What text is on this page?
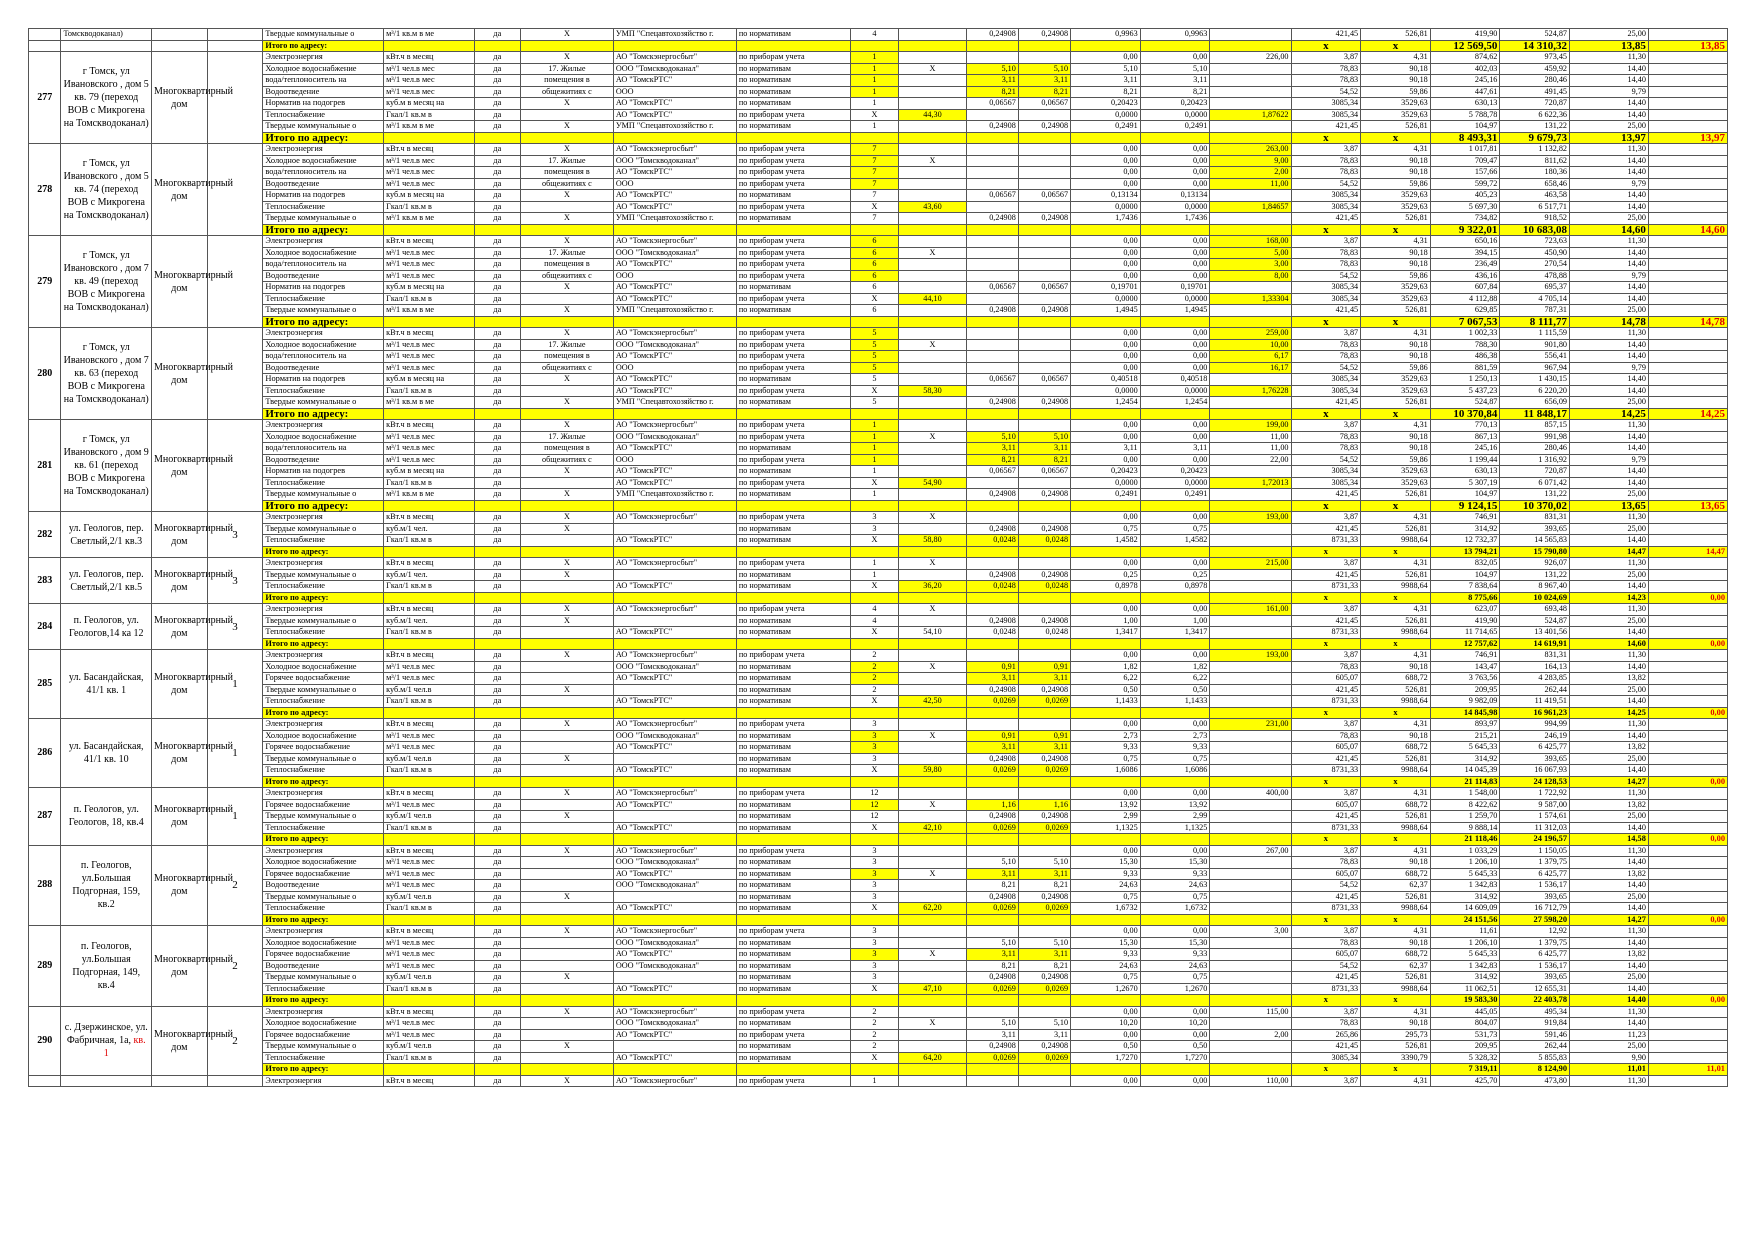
	Томскводоканал)			Твердые коммунальные о	м³/1 кв.м в ме	да	Х	УМП "Спецавтохозяйство г.	по нормативам	4		0,24908	0,24908	0,9963	0,9963		421,45	526,81	419,90	524,87	25,00	
				Итого по адресу:													х	х	12 569,50	14 310,32	13,85	13,85
277	г Томск, ул Ивановского , дом 5 кв. 79 (переход ВОВ с Микрогена на Томскводоканал)	Многоквартирный дом		Электроэнергия	кВт.ч в месяц	да	Х	АО "Томскэнергосбыт"	по приборам учета	1				0,00	0,00	226,00	3,87	4,31	874,62	973,45	11,30	
				Холодное водоснабжение	м³/1 чел.в мес	да	17. Жилые	ООО "Томскводоканал"	по нормативам	1	Х	5,10	5,10	5,10	5,10		78,83	90,18	402,03	459,92	14,40	
				вода/теплоноситель на	м³/1 чел.в мес	да	помещения в	АО "ТомскРТС"	по нормативам	1		3,11	3,11	3,11	3,11		78,83	90,18	245,16	280,46	14,40	
				Водоотведение	м³/1 чел.в мес	да	общежитиях с	ООО	по нормативам	1		8,21	8,21	8,21	8,21		54,52	59,86	447,61	491,45	9,79	
				Норматив на подогрев	куб.м в месяц на	да	Х	АО "ТомскРТС"	по нормативам	1		0,06567	0,06567	0,20423	0,20423		3085,34	3529,63	630,13	720,87	14,40	
				Теплоснабжение	Гкал/1 кв.м в	да		АО "ТомскРТС"	по приборам учета	Х	44,30			0,0000	0,0000	1,87622	3085,34	3529,63	5 788,78	6 622,36	14,40	
				Твердые коммунальные о	м³/1 кв.м в ме	да	Х	УМП "Спецавтохозяйство г.	по нормативам	1		0,24908	0,24908	0,2491	0,2491		421,45	526,81	104,97	131,22	25,00	
				Итого по адресу:													х	х	8 493,31	9 679,73	13,97	13,97
278	г Томск, ул Ивановского , дом 5 кв. 74 (переход ВОВ с Микрогена на Томскводоканал)	Многоквартирный дом		Электроэнергия	кВт.ч в месяц	да	Х	АО "Томскэнергосбыт"	по приборам учета	7				0,00	0,00	263,00	3,87	4,31	1 017,81	1 132,82	11,30	
				Холодное водоснабжение	м³/1 чел.в мес	да	17. Жилые	ООО "Томскводоканал"	по приборам учета	7	Х			0,00	0,00	9,00	78,83	90,18	709,47	811,62	14,40	
				вода/теплоноситель на	м³/1 чел.в мес	да	помещения в	АО "ТомскРТС"	по приборам учета	7				0,00	0,00	2,00	78,83	90,18	157,66	180,36	14,40	
				Водоотведение	м³/1 чел.в мес	да	общежитиях с	ООО	по приборам учета	7				0,00	0,00	11,00	54,52	59,86	599,72	658,46	9,79	
				Норматив на подогрев	куб.м в месяц на	да	Х	АО "ТомскРТС"	по нормативам	7		0,06567	0,06567	0,13134	0,13134		3085,34	3529,63	405,23	463,58	14,40	
				Теплоснабжение	Гкал/1 кв.м в	да		АО "ТомскРТС"	по приборам учета	Х	43,60			0,0000	0,0000	1,84657	3085,34	3529,63	5 697,30	6 517,71	14,40	
				Твердые коммунальные о	м³/1 кв.м в ме	да	Х	УМП "Спецавтохозяйство г.	по нормативам	7		0,24908	0,24908	1,7436	1,7436		421,45	526,81	734,82	918,52	25,00	
				Итого по адресу:													х	х	9 322,01	10 683,08	14,60	14,60
279	г Томск, ул Ивановского , дом 7 кв. 49 (переход ВОВ с Микрогена на Томскводоканал)	Многоквартирный дом		Электроэнергия	кВт.ч в месяц	да	Х	АО "Томскэнергосбыт"	по приборам учета	6				0,00	0,00	168,00	3,87	4,31	650,16	723,63	11,30	
				Холодное водоснабжение	м³/1 чел.в мес	да	17. Жилые	ООО "Томскводоканал"	по приборам учета	6	Х			0,00	0,00	5,00	78,83	90,18	394,15	450,90	14,40	
				вода/теплоноситель на	м³/1 чел.в мес	да	помещения в	АО "ТомскРТС"	по приборам учета	6				0,00	0,00	3,00	78,83	90,18	236,49	270,54	14,40	
				Водоотведение	м³/1 чел.в мес	да	общежитиях с	ООО	по приборам учета	6				0,00	0,00	8,00	54,52	59,86	436,16	478,88	9,79	
				Норматив на подогрев	куб.м в месяц на	да	Х	АО "ТомскРТС"	по нормативам	6		0,06567	0,06567	0,19701	0,19701		3085,34	3529,63	607,84	695,37	14,40	
				Теплоснабжение	Гкал/1 кв.м в	да		АО "ТомскРТС"	по приборам учета	Х	44,10			0,0000	0,0000	1,33304	3085,34	3529,63	4 112,88	4 705,14	14,40	
				Твердые коммунальные о	м³/1 кв.м в ме	да	Х	УМП "Спецавтохозяйство г.	по нормативам	6		0,24908	0,24908	1,4945	1,4945		421,45	526,81	629,85	787,31	25,00	
				Итого по адресу:													х	х	7 067,53	8 111,77	14,78	14,78
280	г Томск, ул Ивановского , дом 7 кв. 63 (переход ВОВ с Микрогена на Томскводоканал)	Многоквартирный дом		Электроэнергия	кВт.ч в месяц	да	Х	АО "Томскэнергосбыт"	по приборам учета	5				0,00	0,00	259,00	3,87	4,31	1 002,33	1 115,59	11,30	
				Холодное водоснабжение	м³/1 чел.в мес	да	17. Жилые	ООО "Томскводоканал"	по приборам учета	5	Х			0,00	0,00	10,00	78,83	90,18	788,30	901,80	14,40	
				вода/теплоноситель на	м³/1 чел.в мес	да	помещения в	АО "ТомскРТС"	по приборам учета	5				0,00	0,00	6,17	78,83	90,18	486,38	556,41	14,40	
				Водоотведение	м³/1 чел.в мес	да	общежитиях с	ООО	по приборам учета	5				0,00	0,00	16,17	54,52	59,86	881,59	967,94	9,79	
				Норматив на подогрев	куб.м в месяц на	да	Х	АО "ТомскРТС"	по нормативам	5		0,06567	0,06567	0,40518	0,40518		3085,34	3529,63	1 250,13	1 430,15	14,40	
				Теплоснабжение	Гкал/1 кв.м в	да		АО "ТомскРТС"	по приборам учета	Х	58,30			0,0000	0,0000	1,76228	3085,34	3529,63	5 437,23	6 220,20	14,40	
				Твердые коммунальные о	м³/1 кв.м в ме	да	Х	УМП "Спецавтохозяйство г.	по нормативам	5		0,24908	0,24908	1,2454	1,2454		421,45	526,81	524,87	656,09	25,00	
				Итого по адресу:													х	х	10 370,84	11 848,17	14,25	14,25
281	г Томск, ул Ивановского , дом 9 кв. 61 (переход ВОВ с Микрогена на Томскводоканал)	Многоквартирный дом		Электроэнергия	кВт.ч в месяц	да	Х	АО "Томскэнергосбыт"	по приборам учета	1				0,00	0,00	199,00	3,87	4,31	770,13	857,15	11,30	
				Холодное водоснабжение	м³/1 чел.в мес	да	17. Жилые	ООО "Томскводоканал"	по приборам учета	1	Х	5,10	5,10	0,00	0,00	11,00	78,83	90,18	867,13	991,98	14,40	
				вода/теплоноситель на	м³/1 чел.в мес	да	помещения в	АО "ТомскРТС"	по нормативам	1		3,11	3,11	3,11	3,11	11,00	78,83	90,18	245,16	280,46	14,40	
				Водоотведение	м³/1 чел.в мес	да	общежитиях с	ООО	по приборам учета	1		8,21	8,21	0,00	0,00	22,00	54,52	59,86	1 199,44	1 316,92	9,79	
				Норматив на подогрев	куб.м в месяц на	да	Х	АО "ТомскРТС"	по нормативам	1		0,06567	0,06567	0,20423	0,20423		3085,34	3529,63	630,13	720,87	14,40	
				Теплоснабжение	Гкал/1 кв.м в	да		АО "ТомскРТС"	по приборам учета	Х	54,90			0,0000	0,0000	1,72013	3085,34	3529,63	5 307,19	6 071,42	14,40	
				Твердые коммунальные о	м³/1 кв.м в ме	да	Х	УМП "Спецавтохозяйство г.	по нормативам	1		0,24908	0,24908	0,2491	0,2491		421,45	526,81	104,97	131,22	25,00	
				Итого по адресу:													х	х	9 124,15	10 370,02	13,65	13,65
282	ул. Геологов, пер. Светлый,2/1 кв.3	Многоквартирный дом	3	Электроэнергия	кВт.ч в месяц	да	Х	АО "Томскэнергосбыт"	по приборам учета	3	Х			0,00	0,00	193,00	3,87	4,31	746,91	831,31	11,30	
				Твердые коммунальные о	куб.м/1 чел.	да	Х		по нормативам	3		0,24908	0,24908	0,75	0,75		421,45	526,81	314,92	393,65	25,00	
				Теплоснабжение	Гкал/1 кв.м в	да		АО "ТомскРТС"	по нормативам	Х	58,80	0,0248	0,0248	1,4582	1,4582		8731,33	9988,64	12 732,37	14 565,83	14,40	
				Итого по адресу:													х	х	13 794,21	15 790,80	14,47	14,47
283	ул. Геологов, пер. Светлый,2/1 кв.5	Многоквартирный дом	3	Электроэнергия	кВт.ч в месяц	да	Х	АО "Томскэнергосбыт"	по приборам учета	1	Х			0,00	0,00	215,00	3,87	4,31	832,05	926,07	11,30	
				Твердые коммунальные о	куб.м/1 чел.	да	Х		по нормативам	1		0,24908	0,24908	0,25	0,25		421,45	526,81	104,97	131,22	25,00	
				Теплоснабжение	Гкал/1 кв.м в	да		АО "ТомскРТС"	по нормативам	Х	36,20	0,0248	0,0248	0,8978	0,8978		8731,33	9988,64	7 838,64	8 967,40	14,40	
				Итого по адресу:													х	х	8 775,66	10 024,69	14,23	0,00
284	п. Геологов, ул. Геологов,14 ка 12	Многоквартирный дом	3	Электроэнергия	кВт.ч в месяц	да	Х	АО "Томскэнергосбыт"	по приборам учета	4	Х			0,00	0,00	161,00	3,87	4,31	623,07	693,48	11,30	
				Твердые коммунальные о	куб.м/1 чел.	да	Х		по нормативам	4		0,24908	0,24908	1,00	1,00		421,45	526,81	419,90	524,87	25,00	
				Теплоснабжение	Гкал/1 кв.м в	да		АО "ТомскРТС"	по нормативам	Х	54,10	0,0248	0,0248	1,3417	1,3417		8731,33	9988,64	11 714,65	13 401,56	14,40	
				Итого по адресу:													х	х	12 757,62	14 619,91	14,60	0,00
285	ул. Басандайская, 41/1 кв. 1	Многоквартирный дом	1	Электроэнергия	кВт.ч в месяц	да	Х	АО "Томскэнергосбыт"	по приборам учета	2				0,00	0,00	193,00	3,87	4,31	746,91	831,31	11,30	
				Холодное водоснабжение	м³/1 чел.в мес	да		ООО "Томскводоканал"	по нормативам	2	Х	0,91	0,91	1,82	1,82		78,83	90,18	143,47	164,13	14,40	
				Горячее водоснабжение	м³/1 чел.в мес	да		АО "ТомскРТС"	по нормативам	2		3,11	3,11	6,22	6,22		605,07	688,72	3 763,56	4 283,85	13,82	
				Твердые коммунальные о	куб.м/1 чел.в	да	Х		по нормативам	2		0,24908	0,24908	0,50	0,50		421,45	526,81	209,95	262,44	25,00	
				Теплоснабжение	Гкал/1 кв.м в	да		АО "ТомскРТС"	по нормативам	Х	42,50	0,0269	0,0269	1,1433	1,1433		8731,33	9988,64	9 982,09	11 419,51	14,40	
				Итого по адресу:													х	х	14 845,98	16 961,23	14,25	0,00
286	ул. Басандайская, 41/1 кв. 10	Многоквартирный дом	1	Электроэнергия	кВт.ч в месяц	да	Х	АО "Томскэнергосбыт"	по приборам учета	3				0,00	0,00	231,00	3,87	4,31	893,97	994,99	11,30	
				Холодное водоснабжение	м³/1 чел.в мес	да		ООО "Томскводоканал"	по нормативам	3	Х	0,91	0,91	2,73	2,73		78,83	90,18	215,21	246,19	14,40	
				Горячее водоснабжение	м³/1 чел.в мес	да		АО "ТомскРТС"	по нормативам	3		3,11	3,11	9,33	9,33		605,07	688,72	5 645,33	6 425,77	13,82	
				Твердые коммунальные о	куб.м/1 чел.в	да	Х		по нормативам	3		0,24908	0,24908	0,75	0,75		421,45	526,81	314,92	393,65	25,00	
				Теплоснабжение	Гкал/1 кв.м в	да		АО "ТомскРТС"	по нормативам	Х	59,80	0,0269	0,0269	1,6086	1,6086		8731,33	9988,64	14 045,39	16 067,93	14,40	
				Итого по адресу:													х	х	21 114,83	24 128,53	14,27	0,00
287	п. Геологов, ул. Геологов, 18, кв.4	Многоквартирный дом	1	Электроэнергия	кВт.ч в месяц	да	Х	АО "Томскэнергосбыт"	по приборам учета	12				0,00	0,00	400,00	3,87	4,31	1 548,00	1 722,92	11,30	
				Горячее водоснабжение	м³/1 чел.в мес	да		АО "ТомскРТС"	по нормативам	12	Х	1,16	1,16	13,92	13,92		605,07	688,72	8 422,62	9 587,00	13,82	
				Твердые коммунальные о	куб.м/1 чел.в	да	Х		по нормативам	12		0,24908	0,24908	2,99	2,99		421,45	526,81	1 259,70	1 574,61	25,00	
				Теплоснабжение	Гкал/1 кв.м в	да		АО "ТомскРТС"	по нормативам	Х	42,10	0,0269	0,0269	1,1325	1,1325		8731,33	9988,64	9 888,14	11 312,03	14,40	
				Итого по адресу:													х	х	21 118,46	24 196,57	14,58	0,00
288	п. Геологов, ул.Большая Подгорная, 159, кв.2	Многоквартирный дом	2	Электроэнергия	кВт.ч в месяц	да	Х	АО "Томскэнергосбыт"	по приборам учета	3				0,00	0,00	267,00	3,87	4,31	1 033,29	1 150,05	11,30	
				Холодное водоснабжение	м³/1 чел.в мес	да		ООО "Томскводоканал"	по нормативам	3		5,10	5,10	15,30	15,30		78,83	90,18	1 206,10	1 379,75	14,40	
				Горячее водоснабжение	м³/1 чел.в мес	да		АО "ТомскРТС"	по нормативам	3	Х	3,11	3,11	9,33	9,33		605,07	688,72	5 645,33	6 425,77	13,82	
				Водоотведение	м³/1 чел.в мес	да		ООО "Томскводоканал"	по нормативам	3		8,21	8,21	24,63	24,63		54,52	62,37	1 342,83	1 536,17	14,40	
				Твердые коммунальные о	куб.м/1 чел.в	да	Х		по нормативам	3		0,24908	0,24908	0,75	0,75		421,45	526,81	314,92	393,65	25,00	
				Теплоснабжение	Гкал/1 кв.м в	да		АО "ТомскРТС"	по нормативам	Х	62,20	0,0269	0,0269	1,6732	1,6732		8731,33	9988,64	14 609,09	16 712,79	14,40	
				Итого по адресу:													х	х	24 151,56	27 598,20	14,27	0,00
289	п. Геологов, ул.Большая Подгорная, 149, кв.4	Многоквартирный дом	2	Электроэнергия	кВт.ч в месяц	да	Х	АО "Томскэнергосбыт"	по приборам учета	3				0,00	0,00	3,00	3,87	4,31	11,61	12,92	11,30	
				Холодное водоснабжение	м³/1 чел.в мес	да		ООО "Томскводоканал"	по нормативам	3		5,10	5,10	15,30	15,30		78,83	90,18	1 206,10	1 379,75	14,40	
				Горячее водоснабжение	м³/1 чел.в мес	да		АО "ТомскРТС"	по нормативам	3	Х	3,11	3,11	9,33	9,33		605,07	688,72	5 645,33	6 425,77	13,82	
				Водоотведение	м³/1 чел.в мес	да		ООО "Томскводоканал"	по нормативам	3		8,21	8,21	24,63	24,63		54,52	62,37	1 342,83	1 536,17	14,40	
				Твердые коммунальные о	куб.м/1 чел.в	да	Х		по нормативам	3		0,24908	0,24908	0,75	0,75		421,45	526,81	314,92	393,65	25,00	
				Теплоснабжение	Гкал/1 кв.м в	да		АО "ТомскРТС"	по нормативам	Х	47,10	0,0269	0,0269	1,2670	1,2670		8731,33	9988,64	11 062,51	12 655,31	14,40	
				Итого по адресу:													х	х	19 583,30	22 403,78	14,40	0,00
290	с. Дзержинское, ул. Фабричная, 1а, кв. 1	Многоквартирный дом	2	Электроэнергия	кВт.ч в месяц	да	Х	АО "Томскэнергосбыт"	по приборам учета	2				0,00	0,00	115,00	3,87	4,31	445,05	495,34	11,30	
				Холодное водоснабжение	м³/1 чел.в мес	да		ООО "Томскводоканал"	по нормативам	2	Х	5,10	5,10	10,20	10,20		78,83	90,18	804,07	919,84	14,40	
				Горячее водоснабжение	м³/1 чел.в мес	да		АО "ТомскРТС"	по приборам учета	2		3,11	3,11	0,00	0,00	2,00	265,86	295,73	531,73	591,46	11,23	
				Твердые коммунальные о	куб.м/1 чел.в	да	Х		по нормативам	2		0,24908	0,24908	0,50	0,50		421,45	526,81	209,95	262,44	25,00	
				Теплоснабжение	Гкал/1 кв.м в	да		АО "ТомскРТС"	по нормативам	Х	64,20	0,0269	0,0269	1,7270	1,7270		3085,34	3390,79	5 328,32	5 855,83	9,90	
				Итого по адресу:													х	х	7 319,11	8 124,90	11,01	11,01
				Электроэнергия	кВт.ч в месяц	да	Х	АО "Томскэнергосбыт"	по приборам учета	1				0,00	0,00	110,00	3,87	4,31	425,70	473,80	11,30	
